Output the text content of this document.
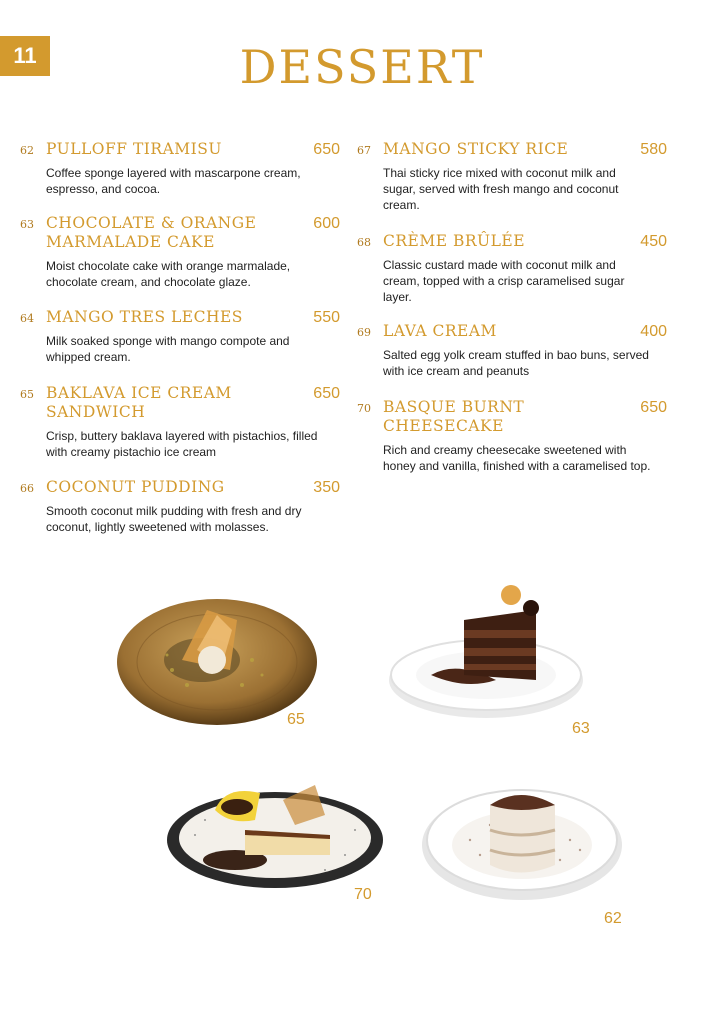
11	DESSERT
62 PULLOFF TIRAMISU	650
Coffee sponge layered with mascarpone cream, espresso, and cocoa.
63 CHOCOLATE & ORANGE MARMALADE CAKE
600
Moist chocolate cake with orange marmalade, chocolate cream, and chocolate glaze.
64 MANGO TRES LECHES	550
Milk soaked sponge with mango compote and whipped cream.
65 BAKLAVA ICE CREAM SANDWICH
650
Crisp, buttery baklava layered with pistachios, filled with creamy pistachio ice cream
66 COCONUT PUDDING	350
Smooth coconut milk pudding with fresh and dry coconut, lightly sweetened with molasses.
67 MANGO STICKY RICE	580
Thai sticky rice mixed with coconut milk and sugar, served with fresh mango and coconut cream.
68 CRÈME BRÛLÉE	450
Classic custard made with coconut milk and cream, topped with a crisp caramelised sugar layer.
69 LAVA CREAM	400
Salted egg yolk cream stuffed in bao buns, served with ice cream and peanuts
70 BASQUE BURNT CHEESECAKE
650
Rich and creamy cheesecake sweetened with honey and vanilla, finished with a caramelised top.
65
63
70
62
